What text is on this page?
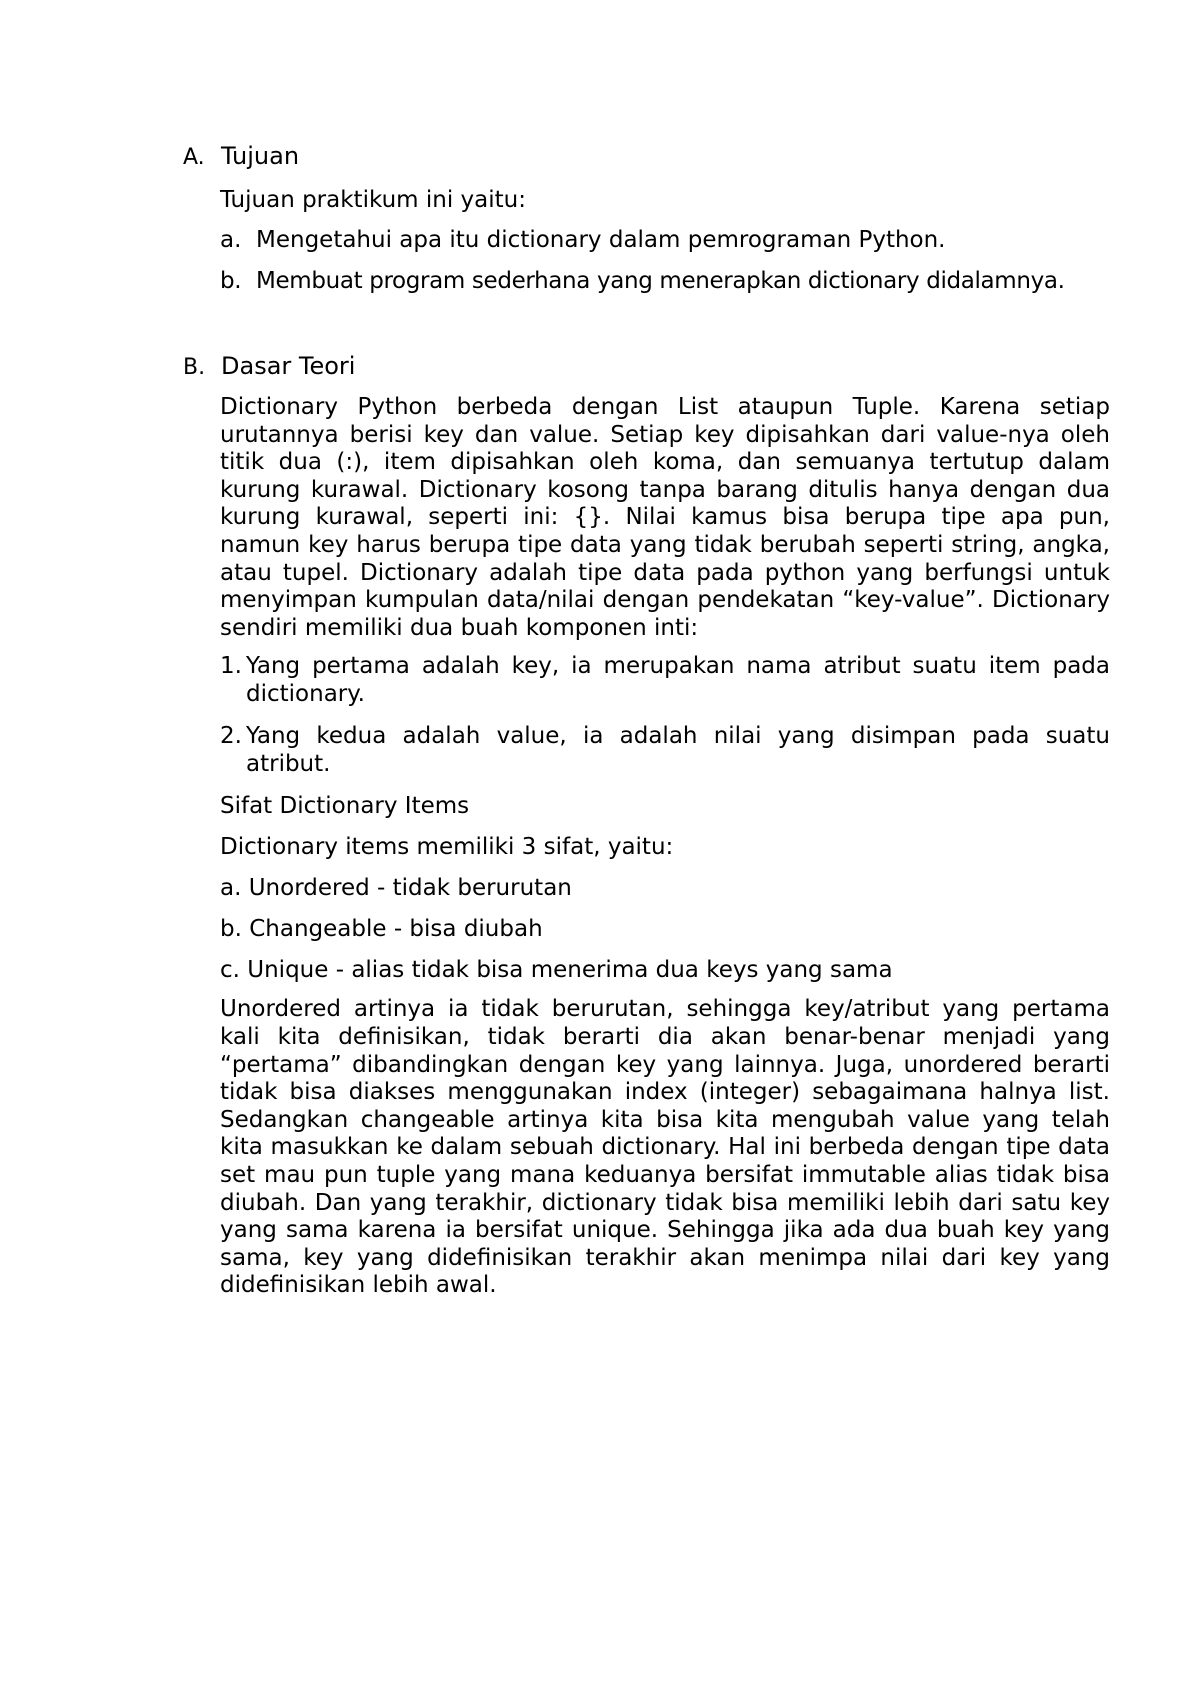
A. Tujuan
Tujuan praktikum ini yaitu:
a. Mengetahui apa itu dictionary dalam pemrograman Python.
b. Membuat program sederhana yang menerapkan dictionary didalamnya.
B. Dasar Teori
Dictionary Python berbeda dengan List ataupun Tuple. Karena setiap urutannya berisi key dan value. Setiap key dipisahkan dari value-nya oleh titik dua (:), item dipisahkan oleh koma, dan semuanya tertutup dalam kurung kurawal. Dictionary kosong tanpa barang ditulis hanya dengan dua kurung kurawal, seperti ini: {}. Nilai kamus bisa berupa tipe apa pun, namun key harus berupa tipe data yang tidak berubah seperti string, angka, atau tupel. Dictionary adalah tipe data pada python yang berfungsi untuk menyimpan kumpulan data/nilai dengan pendekatan “key-value”. Dictionary sendiri memiliki dua buah komponen inti:
1. Yang pertama adalah key, ia merupakan nama atribut suatu item pada dictionary.
2. Yang kedua adalah value, ia adalah nilai yang disimpan pada suatu atribut.
Sifat Dictionary Items
Dictionary items memiliki 3 sifat, yaitu:
a. Unordered - tidak berurutan
b. Changeable - bisa diubah
c. Unique - alias tidak bisa menerima dua keys yang sama
Unordered artinya ia tidak berurutan, sehingga key/atribut yang pertama kali kita definisikan, tidak berarti dia akan benar-benar menjadi yang “pertama” dibandingkan dengan key yang lainnya. Juga, unordered berarti tidak bisa diakses menggunakan index (integer) sebagaimana halnya list. Sedangkan changeable artinya kita bisa kita mengubah value yang telah kita masukkan ke dalam sebuah dictionary. Hal ini berbeda dengan tipe data set mau pun tuple yang mana keduanya bersifat immutable alias tidak bisa diubah. Dan yang terakhir, dictionary tidak bisa memiliki lebih dari satu key yang sama karena ia bersifat unique. Sehingga jika ada dua buah key yang sama, key yang didefinisikan terakhir akan menimpa nilai dari key yang didefinisikan lebih awal.
